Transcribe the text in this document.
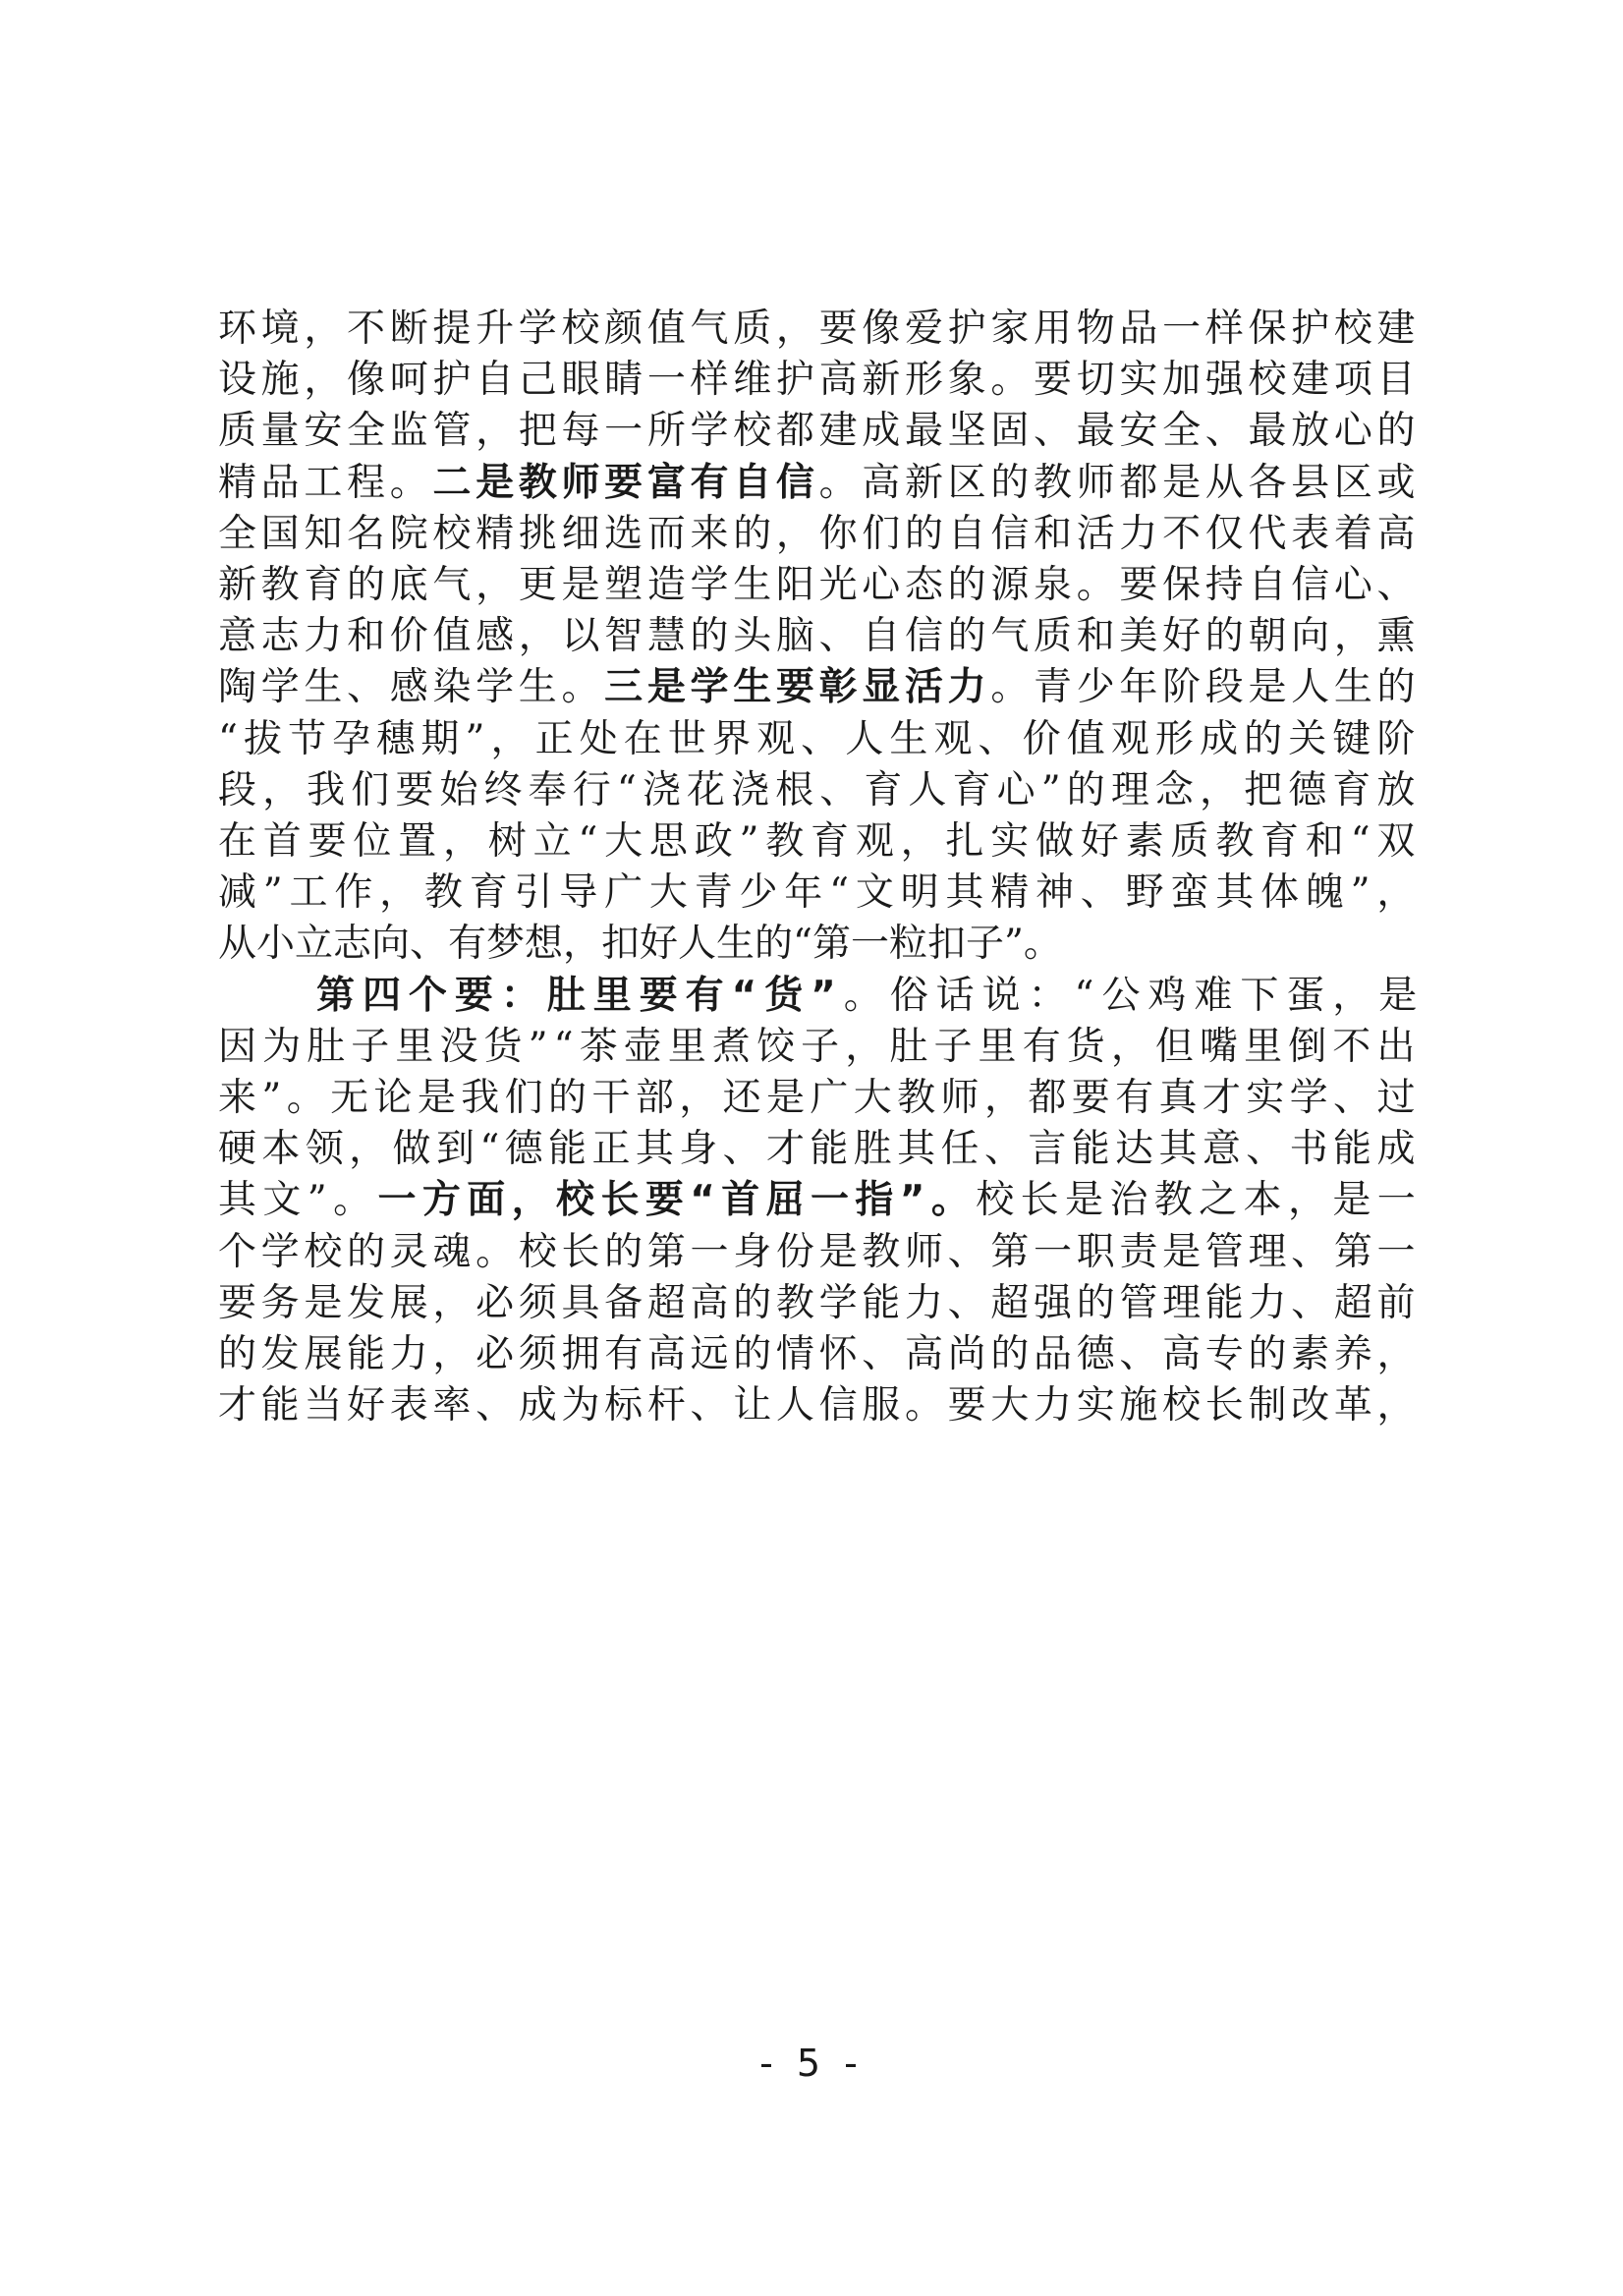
环境，不断提升学校颜值气质，要像爱护家用物品一样保护校建
设施，像呵护自己眼睛一样维护高新形象。要切实加强校建项目
质量安全监管，把每一所学校都建成最坚固、最安全、最放心的
精品工程。二是教师要富有自信。高新区的教师都是从各县区或
全国知名院校精挑细选而来的，你们的自信和活力不仅代表着高
新教育的底气，更是塑造学生阳光心态的源泉。要保持自信心、
意志力和价值感，以智慧的头脑、自信的气质和美好的朝向，熏
陶学生、感染学生。三是学生要彰显活力。青少年阶段是人生的
“拔节孕穗期”，正处在世界观、人生观、价值观形成的关键阶
段，我们要始终奉行“浇花浇根、育人育心”的理念，把德育放
在首要位置，树立“大思政”教育观，扎实做好素质教育和“双
减”工作，教育引导广大青少年“文明其精神、野蛮其体魄”，
从小立志向、有梦想，扣好人生的“第一粒扣子”。
第四个要：肚里要有“货”。俗话说：“公鸡难下蛋，是
因为肚子里没货”“茶壶里煮饺子，肚子里有货，但嘴里倒不出
来”。无论是我们的干部，还是广大教师，都要有真才实学、过
硬本领，做到“德能正其身、才能胜其任、言能达其意、书能成
其文”。一方面，校长要“首屈一指”。校长是治教之本，是一
个学校的灵魂。校长的第一身份是教师、第一职责是管理、第一
要务是发展，必须具备超高的教学能力、超强的管理能力、超前
的发展能力，必须拥有高远的情怀、高尚的品德、高专的素养，
才能当好表率、成为标杆、让人信服。要大力实施校长制改革，
- 5 -
